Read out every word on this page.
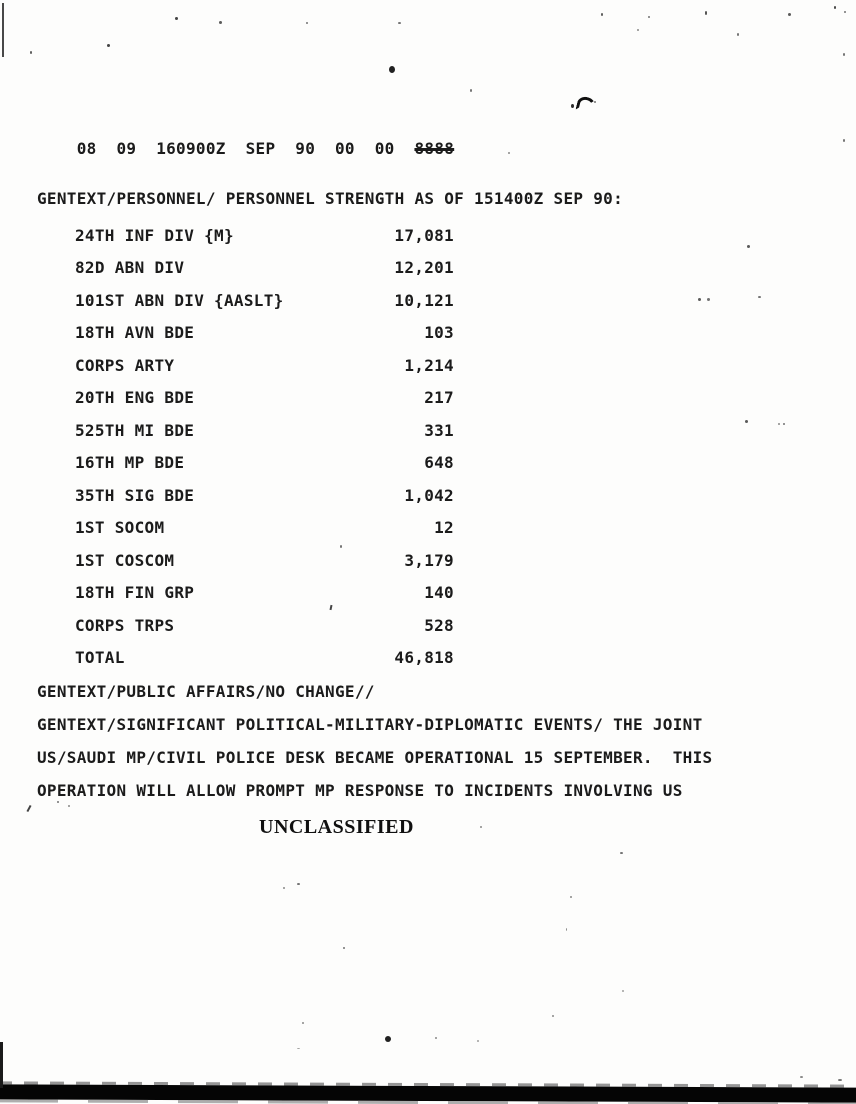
08  09  160900Z  SEP  90  00  00  8888

GENTEXT/PERSONNEL/ PERSONNEL STRENGTH AS OF 151400Z SEP 90:
24TH INF DIV {M}	17,081
82D ABN DIV	12,201
101ST ABN DIV {AASLT}	10,121
18TH AVN BDE	103
CORPS ARTY	1,214
20TH ENG BDE	217
525TH MI BDE	331
16TH MP BDE	648
35TH SIG BDE	1,042
1ST SOCOM	12
1ST COSCOM	3,179
18TH FIN GRP	140
CORPS TRPS	528
TOTAL	46,818
GENTEXT/PUBLIC AFFAIRS/NO CHANGE//
GENTEXT/SIGNIFICANT POLITICAL-MILITARY-DIPLOMATIC EVENTS/ THE JOINT
US/SAUDI MP/CIVIL POLICE DESK BECAME OPERATIONAL 15 SEPTEMBER.  THIS
OPERATION WILL ALLOW PROMPT MP RESPONSE TO INCIDENTS INVOLVING US
UNCLASSIFIED
